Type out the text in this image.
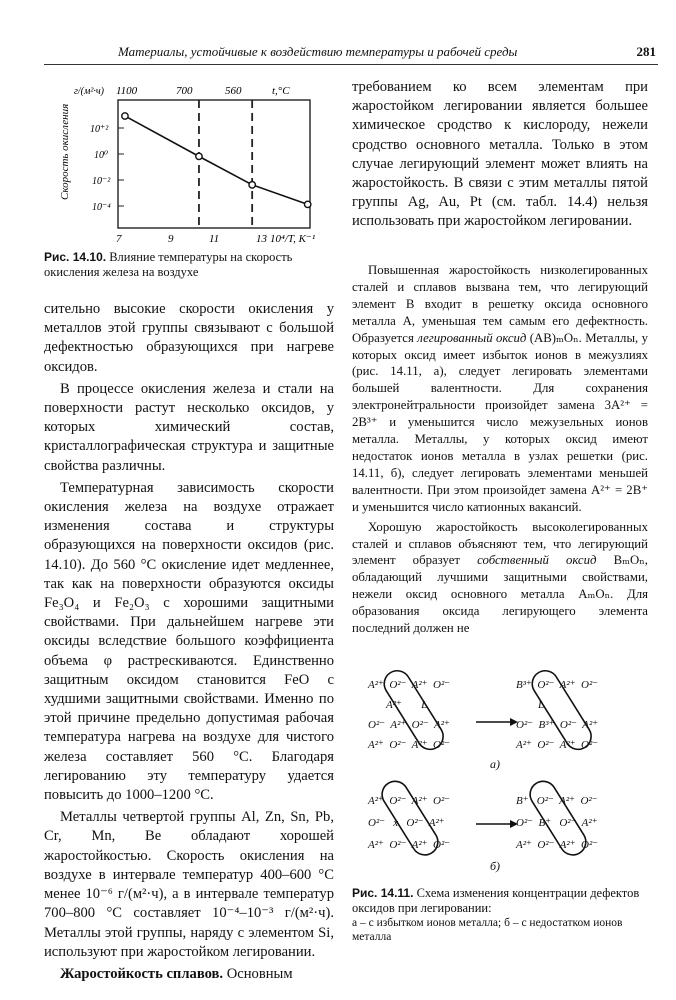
Материалы, устойчивые к воздействию температуры и рабочей среды	281
Скорость окисления
г/(м²·ч) 1100	700	560	t,°C
10⁺²
10⁰
10⁻²
10⁻⁴
7	9	11	13 10⁴/T, K⁻¹
Рис. 14.10. Влияние температуры на скорость окисления железа на воздухе

сительно высокие скорости окисления у металлов этой группы связывают с большой дефектностью образующихся при нагреве оксидов.

В процессе окисления железа и стали на поверхности растут несколько оксидов, у которых химический состав, кристаллографическая структура и защитные свойства различны.

Температурная зависимость скорости окисления железа на воздухе отражает изменения состава и структуры образующихся на поверхности оксидов (рис. 14.10). До 560 °С окисление идет медленнее, так как на поверхности образуются оксиды Fe₃O₄ и Fe₂O₃ с хорошими защитными свойствами. При дальнейшем нагреве эти оксиды вследствие большого коэффициента объема φ растрескиваются. Единственно защитным оксидом становится FeO с худшими защитными свойствами. Именно по этой причине предельно допустимая рабочая температура нагрева на воздухе для чистого железа составляет 560 °С. Благодаря легированию эту температуру удается повысить до 1000–1200 °С.

Металлы четвертой группы Al, Zn, Sn, Pb, Cr, Mn, Be обладают хорошей жаростойкостью. Скорость окисления на воздухе в интервале температур 400–600 °С менее 10⁻⁶ г/(м²·ч), а в интервале температур 700–800 °С составляет 10⁻⁴–10⁻³ г/(м²·ч). Металлы этой группы, наряду с элементом Si, используют при жаростойком легировании.

Жаростойкость сплавов. Основным

требованием ко всем элементам при жаростойком легировании является большее химическое сродство к кислороду, нежели сродство основного металла. Только в этом случае легирующий элемент может влиять на жаростойкость. В связи с этим металлы пятой группы Ag, Au, Pt (см. табл. 14.4) нельзя использовать при жаростойком легировании.

Повышенная жаростойкость низколегированных сталей и сплавов вызвана тем, что легирующий элемент В входит в решетку оксида основного металла А, уменьшая тем самым его дефектность. Образуется легированный оксид (AB)ₘOₙ. Металлы, у которых оксид имеет избыток ионов в межузлиях (рис. 14.11, а), следует легировать элементами большей валентности. Для сохранения электронейтральности произойдет замена 3A²⁺ = 2B³⁺ и уменьшится число межузельных ионов металла. Металлы, у которых оксид имеют недостаток ионов металла в узлах решетки (рис. 14.11, б), следует легировать элементами меньшей валентности. При этом произойдет замена A²⁺ = 2B⁺ и уменьшится число катионных вакансий.

Хорошую жаростойкость высоколегированных сталей и сплавов объясняют тем, что легирующий элемент образует собственный оксид BₘOₙ, обладающий лучшими защитными свойствами, нежели оксид основного металла AₘOₙ. Для образования оксида легирующего элемента последний должен не

A²⁺  O²⁻  A²⁺  O²⁻
A²⁺       L
O²⁻  A²⁺  O²⁻  A²⁺
A²⁺  O²⁻  A²⁺  O²⁻
B³⁺  O²⁻  A²⁺  O²⁻
L
O²⁻  B³⁺  O²⁻  A²⁺
A²⁺  O²⁻  A²⁺  O²⁻
а)
A²⁺  O²⁻  A²⁺  O²⁻
O²⁻   x   O²⁻  A²⁺
A²⁺  O²⁻  A²⁺  O²⁻
B⁺   O²⁻  A²⁺  O²⁻
O²⁻  B⁺   O²⁻  A²⁺
A²⁺  O²⁻  A²⁺  O²⁻
б)
Рис. 14.11. Схема изменения концентрации дефектов оксидов при легировании:
а – с избытком ионов металла; б – с недостатком ионов металла
